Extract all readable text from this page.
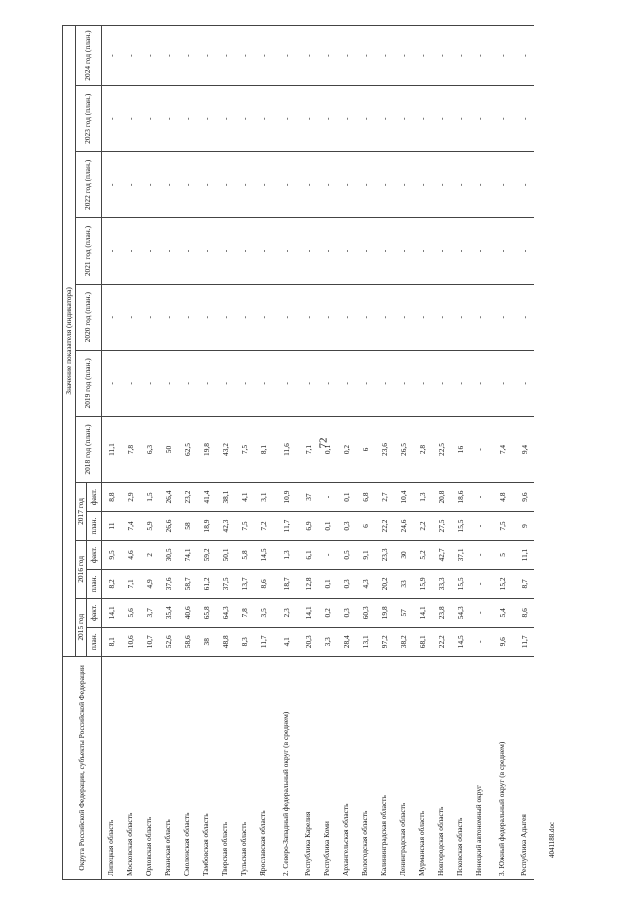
72
Округа Российской Федерации, субъекты Российской Федерации	Значение показателя (индикатора)												
	2015 год		2016 год		2017 год		2018 год (план.)	2019 год (план.)	2020 год (план.)	2021 год (план.)	2022 год (план.)	2023 год (план.)	2024 год (план.)
	план.	факт.	план.	факт.	план.	факт.							
Липецкая область	8,1	14,1	8,2	9,5	11	8,8	11,1	-	-	-	-	-	-
Московская область	10,6	5,6	7,1	4,6	7,4	2,9	7,8	-	-	-	-	-	-
Орловская область	10,7	3,7	4,9	2	5,9	1,5	6,3	-	-	-	-	-	-
Рязанская область	52,6	35,4	37,6	30,5	26,6	26,4	50	-	-	-	-	-	-
Смоленская область	58,6	40,6	58,7	74,1	58	23,2	62,5	-	-	-	-	-	-
Тамбовская область	38	65,8	61,2	59,2	18,9	41,4	19,8	-	-	-	-	-	-
Тверская область	48,8	64,3	37,5	50,1	42,3	38,1	43,2	-	-	-	-	-	-
Тульская область	8,3	7,8	13,7	5,8	7,5	4,1	7,5	-	-	-	-	-	-
Ярославская область	11,7	3,5	8,6	14,5	7,2	3,1	8,1	-	-	-	-	-	-
2. Северо-Западный федеральный округ (в среднем)	4,1	2,3	18,7	1,3	11,7	10,9	11,6	-	-	-	-	-	-
Республика Карелия	20,3	14,1	12,8	6,1	6,9	37	7,1	-	-	-	-	-	-
Республика Коми	3,3	0,2	0,1	-	0,1	-	0,1	-	-	-	-	-	-
Архангельская область	28,4	0,3	0,3	0,5	0,3	0,1	0,2	-	-	-	-	-	-
Вологодская область	13,1	60,3	4,3	9,1	6	6,8	6	-	-	-	-	-	-
Калининградская область	97,2	19,8	20,2	23,3	22,2	2,7	23,6	-	-	-	-	-	-
Ленинградская область	38,2	57	33	30	24,6	10,4	26,5	-	-	-	-	-	-
Мурманская область	68,1	14,1	15,9	5,2	2,2	1,3	2,8	-	-	-	-	-	-
Новгородская область	22,2	23,8	33,3	42,7	27,5	20,8	22,5	-	-	-	-	-	-
Псковская область	14,5	54,3	15,5	37,1	15,5	18,6	16	-	-	-	-	-	-
Ненецкий автономный округ	-	-	-	-	-	-	-	-	-	-	-	-	-
3. Южный федеральный округ (в среднем)	9,6	5,4	15,2	5	7,5	4,8	7,4	-	-	-	-	-	-
Республика Адыгея	11,7	8,6	8,7	11,1	9	9,6	9,4	-	-	-	-	-	-
4041188.doc
